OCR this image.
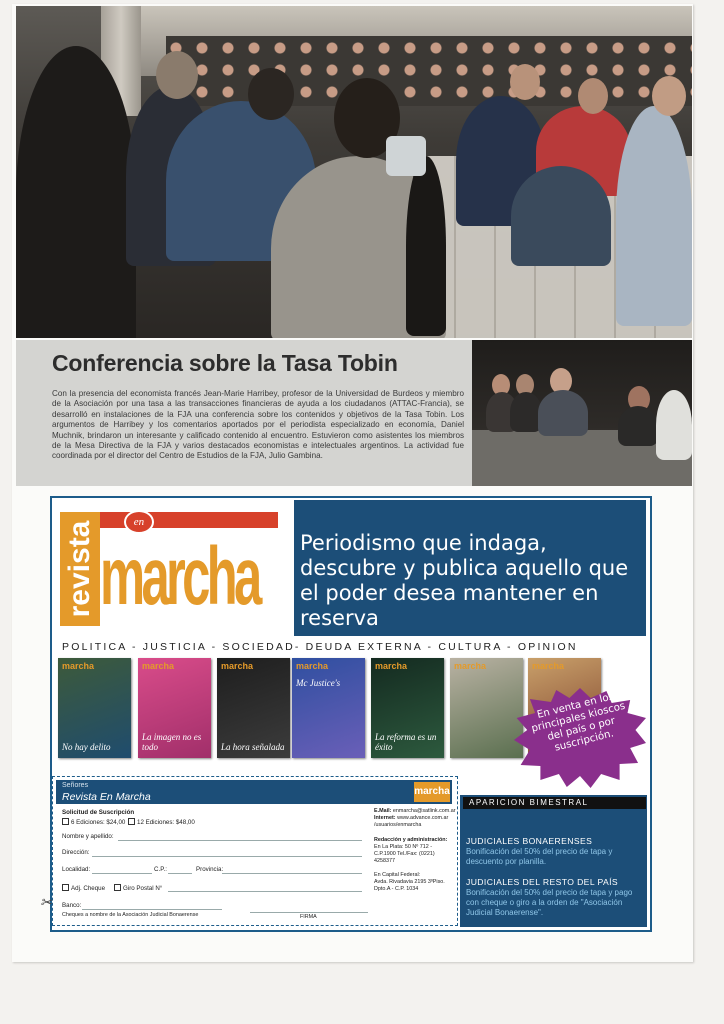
Conferencia sobre la Tasa Tobin
Con la presencia del economista francés Jean-Marie Harribey, profesor de la Universidad de Burdeos y miembro de la Asociación por una tasa a las transacciones financieras de ayuda a los ciudadanos (ATTAC-Francia), se desarrolló en instalaciones de la FJA una conferencia sobre los contenidos y objetivos de la Tasa Tobin. Los argumentos de Harribey y los comentarios aportados por el periodista especializado en economía, Daniel Muchnik, brindaron un interesante y calificado contenido al encuentro. Estuvieron como asistentes los miembros de la Mesa Directiva de la FJA y varios destacados economistas e intelectuales argentinos. La actividad fue coordinada por el director del Centro de Estudios de la FJA, Julio Gambina.
revista	en
marcha Periodismo que indaga, descubre y publica aquello que el poder desea mantener en reserva
POLITICA - JUSTICIA - SOCIEDAD- DEUDA EXTERNA - CULTURA - OPINION
marcha
No hay delito
marcha
La imagen no es todo
marcha
La hora señalada
marcha
Mc Justice's
marcha
La reforma es un éxito
marcha	marcha
En venta en los principales kioscos del país o por suscripción.
Señores
Revista En Marcha	marcha
Solicitud de Suscripción
6 Ediciones: $24,00	12 Ediciones: $48,00
Nombre y apellido:
Dirección:
Localidad:	C.P.:	Provincia:
Adj. Cheque	Giro Postal N°
Banco:
Cheques a nombre de la Asociación Judicial Bonaerense	FIRMA
E.Mail: enmarcha@satlink.com.ar
Internet: www.advance.com.ar /usuarios/enmarcha
Redacción y administración:
En La Plata: 50 Nº 712 - C.P.1900 Tel./Fax: (0221) 4258377
En Capital Federal:
Avda. Rivadavia 2195 3ºPiso. Dpto.A - C.P. 1034
APARICION BIMESTRAL
JUDICIALES BONAERENSES
Bonificación del 50% del precio de tapa y descuento por planilla.
JUDICIALES DEL RESTO DEL PAÍS
Bonificación del 50% del precio de tapa y pago con cheque o giro a la orden de "Asociación Judicial Bonaerense".
✂
